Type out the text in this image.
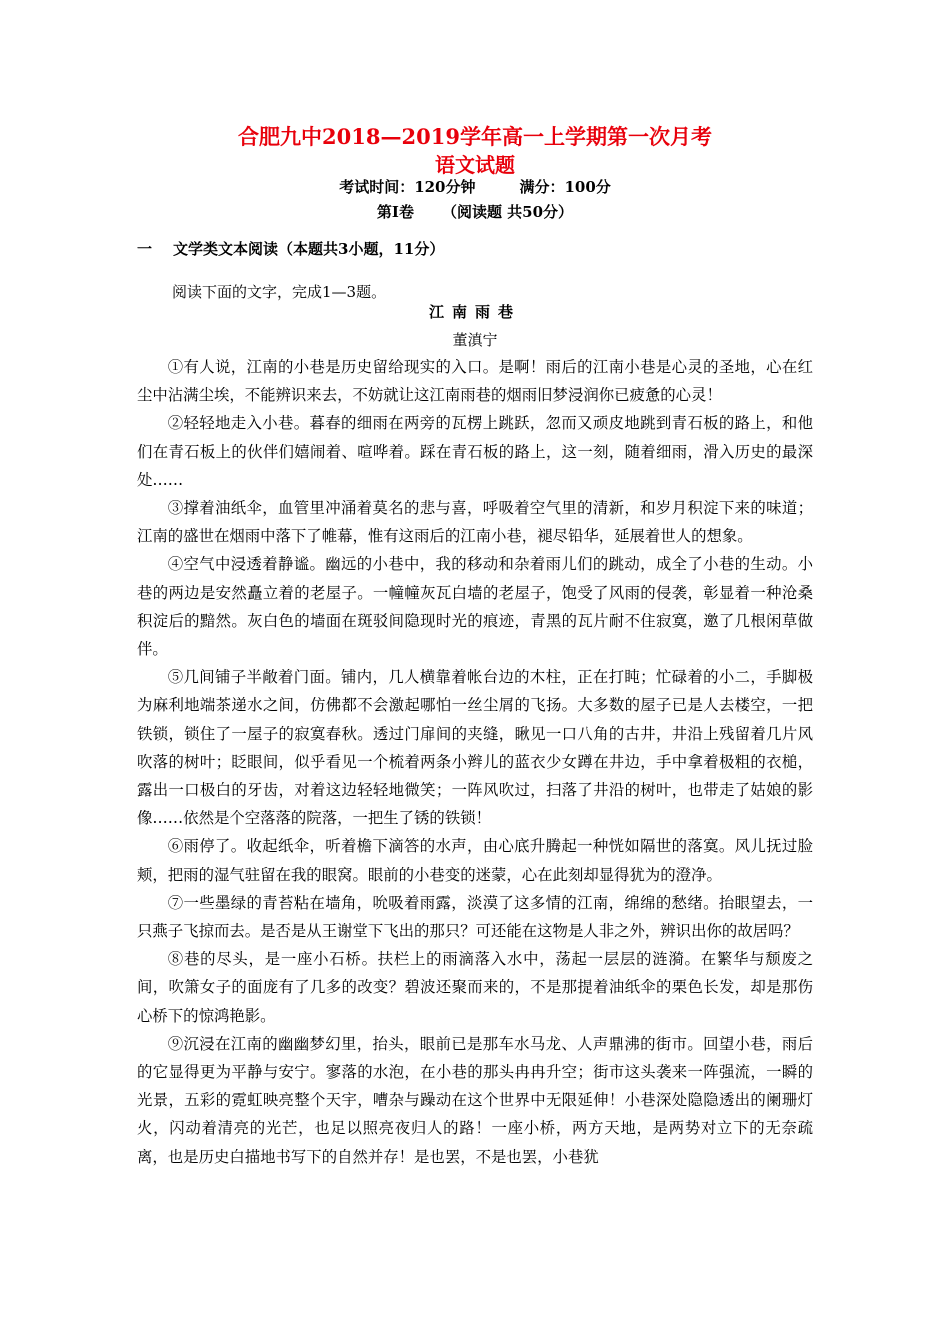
合肥九中2018—2019学年高一上学期第一次月考
语文试题
考试时间：120分钟	满分：100分
第Ⅰ卷 （阅读题 共50分）
一 文学类文本阅读（本题共3小题，11分）
阅读下面的文字，完成1—3题。
江南雨巷
董滇宁

①有人说，江南的小巷是历史留给现实的入口。是啊！雨后的江南小巷是心灵的圣地，心在红尘中沾满尘埃，不能辨识来去，不妨就让这江南雨巷的烟雨旧梦浸润你已疲惫的心灵！

②轻轻地走入小巷。暮春的细雨在两旁的瓦楞上跳跃，忽而又顽皮地跳到青石板的路上，和他们在青石板上的伙伴们嬉闹着、喧哗着。踩在青石板的路上，这一刻，随着细雨，滑入历史的最深处……

③撑着油纸伞，血管里冲涌着莫名的悲与喜，呼吸着空气里的清新，和岁月积淀下来的味道；江南的盛世在烟雨中落下了帷幕，惟有这雨后的江南小巷，褪尽铅华，延展着世人的想象。

④空气中浸透着静谧。幽远的小巷中，我的移动和杂着雨儿们的跳动，成全了小巷的生动。小巷的两边是安然矗立着的老屋子。一幢幢灰瓦白墙的老屋子，饱受了风雨的侵袭，彰显着一种沧桑积淀后的黯然。灰白色的墙面在斑驳间隐现时光的痕迹，青黑的瓦片耐不住寂寞，邀了几根闲草做伴。

⑤几间铺子半敞着门面。铺内，几人横靠着帐台边的木柱，正在打盹；忙碌着的小二，手脚极为麻利地端茶递水之间，仿佛都不会激起哪怕一丝尘屑的飞扬。大多数的屋子已是人去楼空，一把铁锁，锁住了一屋子的寂寞春秋。透过门扉间的夹缝，瞅见一口八角的古井，井沿上残留着几片风吹落的树叶；眨眼间，似乎看见一个梳着两条小辫儿的蓝衣少女蹲在井边，手中拿着极粗的衣槌，露出一口极白的牙齿，对着这边轻轻地微笑；一阵风吹过，扫落了井沿的树叶，也带走了姑娘的影像……依然是个空落落的院落，一把生了锈的铁锁！

⑥雨停了。收起纸伞，听着檐下滴答的水声，由心底升腾起一种恍如隔世的落寞。风儿抚过脸颊，把雨的湿气驻留在我的眼窝。眼前的小巷变的迷蒙，心在此刻却显得犹为的澄净。

⑦一些墨绿的青苔粘在墙角，吮吸着雨露，淡漠了这多情的江南，绵绵的愁绪。抬眼望去，一只燕子飞掠而去。是否是从王谢堂下飞出的那只？可还能在这物是人非之外，辨识出你的故居吗？

⑧巷的尽头，是一座小石桥。扶栏上的雨滴落入水中，荡起一层层的涟漪。在繁华与颓废之间，吹箫女子的面庞有了几多的改变？碧波还聚而来的，不是那提着油纸伞的栗色长发，却是那伤心桥下的惊鸿艳影。

⑨沉浸在江南的幽幽梦幻里，抬头，眼前已是那车水马龙、人声鼎沸的街市。回望小巷，雨后的它显得更为平静与安宁。寥落的水泡，在小巷的那头冉冉升空；街市这头袭来一阵强流，一瞬的光景，五彩的霓虹映亮整个天宇，嘈杂与躁动在这个世界中无限延伸！小巷深处隐隐透出的阑珊灯火，闪动着清亮的光芒，也足以照亮夜归人的路！一座小桥，两方天地，是两势对立下的无奈疏离，也是历史白描地书写下的自然并存！是也罢，不是也罢，小巷犹
